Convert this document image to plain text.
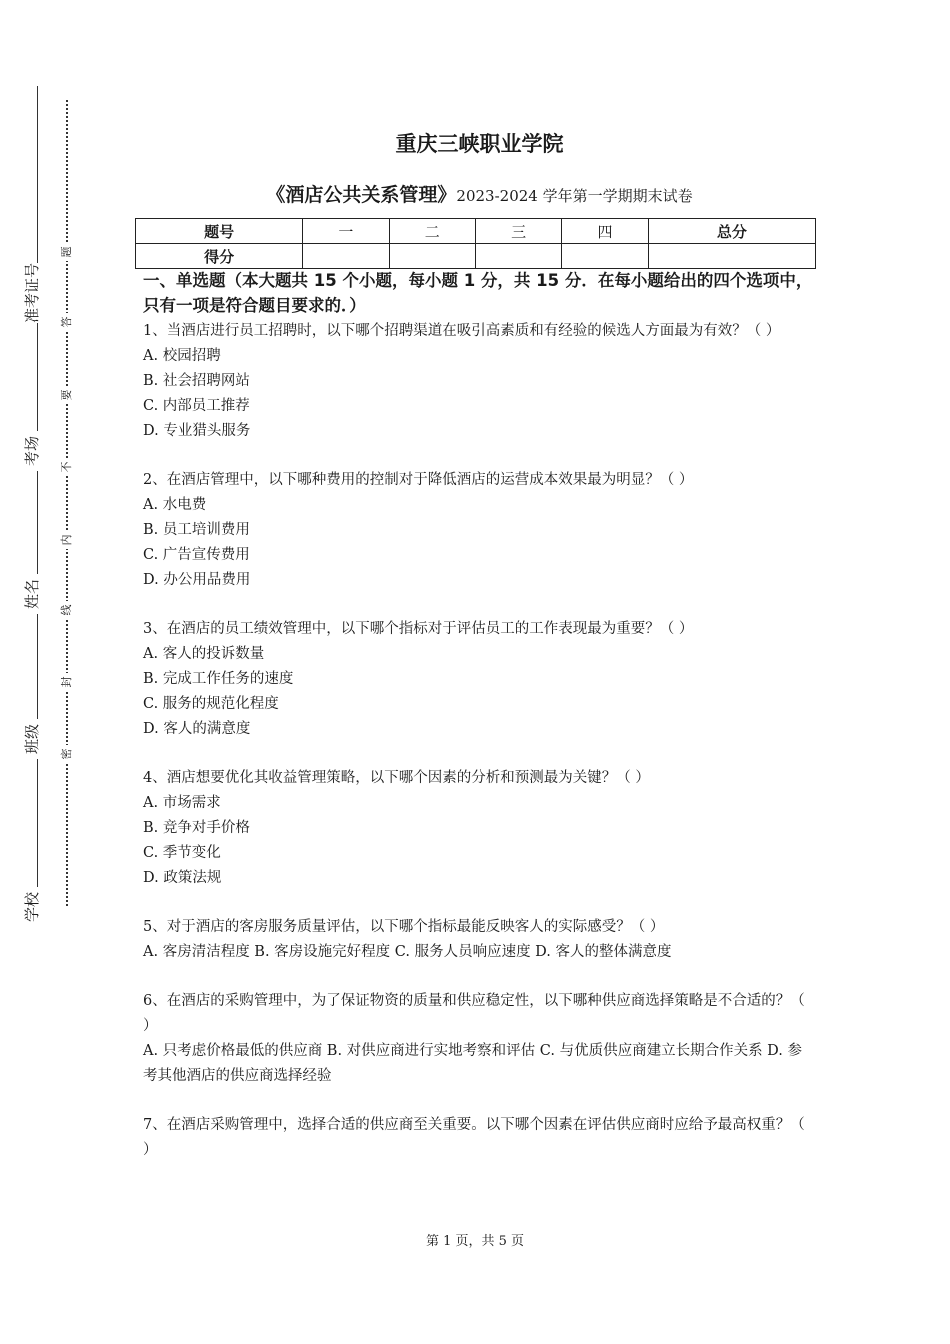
准考证号
考场
姓名
班级
学校
题
答
要
不
内
线
封
密
重庆三峡职业学院
《酒店公共关系管理》2023-2024 学年第一学期期末试卷
题号	一	二	三	四	总分
得分					
一、单选题（本大题共 15 个小题，每小题 1 分，共 15 分．在每小题给出的四个选项中，只有一项是符合题目要求的．）

1、当酒店进行员工招聘时，以下哪个招聘渠道在吸引高素质和有经验的候选人方面最为有效？（ ）

A. 校园招聘

B. 社会招聘网站

C. 内部员工推荐

D. 专业猎头服务

2、在酒店管理中，以下哪种费用的控制对于降低酒店的运营成本效果最为明显？（ ）

A. 水电费

B. 员工培训费用

C. 广告宣传费用

D. 办公用品费用

3、在酒店的员工绩效管理中，以下哪个指标对于评估员工的工作表现最为重要？（ ）

A. 客人的投诉数量

B. 完成工作任务的速度

C. 服务的规范化程度

D. 客人的满意度

4、酒店想要优化其收益管理策略，以下哪个因素的分析和预测最为关键？（ ）

A. 市场需求

B. 竞争对手价格

C. 季节变化

D. 政策法规

5、对于酒店的客房服务质量评估，以下哪个指标最能反映客人的实际感受？（ ）

A. 客房清洁程度 B. 客房设施完好程度 C. 服务人员响应速度 D. 客人的整体满意度

6、在酒店的采购管理中，为了保证物资的质量和供应稳定性，以下哪种供应商选择策略是不合适的？（ ）

A. 只考虑价格最低的供应商 B. 对供应商进行实地考察和评估 C. 与优质供应商建立长期合作关系 D. 参考其他酒店的供应商选择经验

7、在酒店采购管理中，选择合适的供应商至关重要。以下哪个因素在评估供应商时应给予最高权重？（ ）

第 1 页，共 5 页
